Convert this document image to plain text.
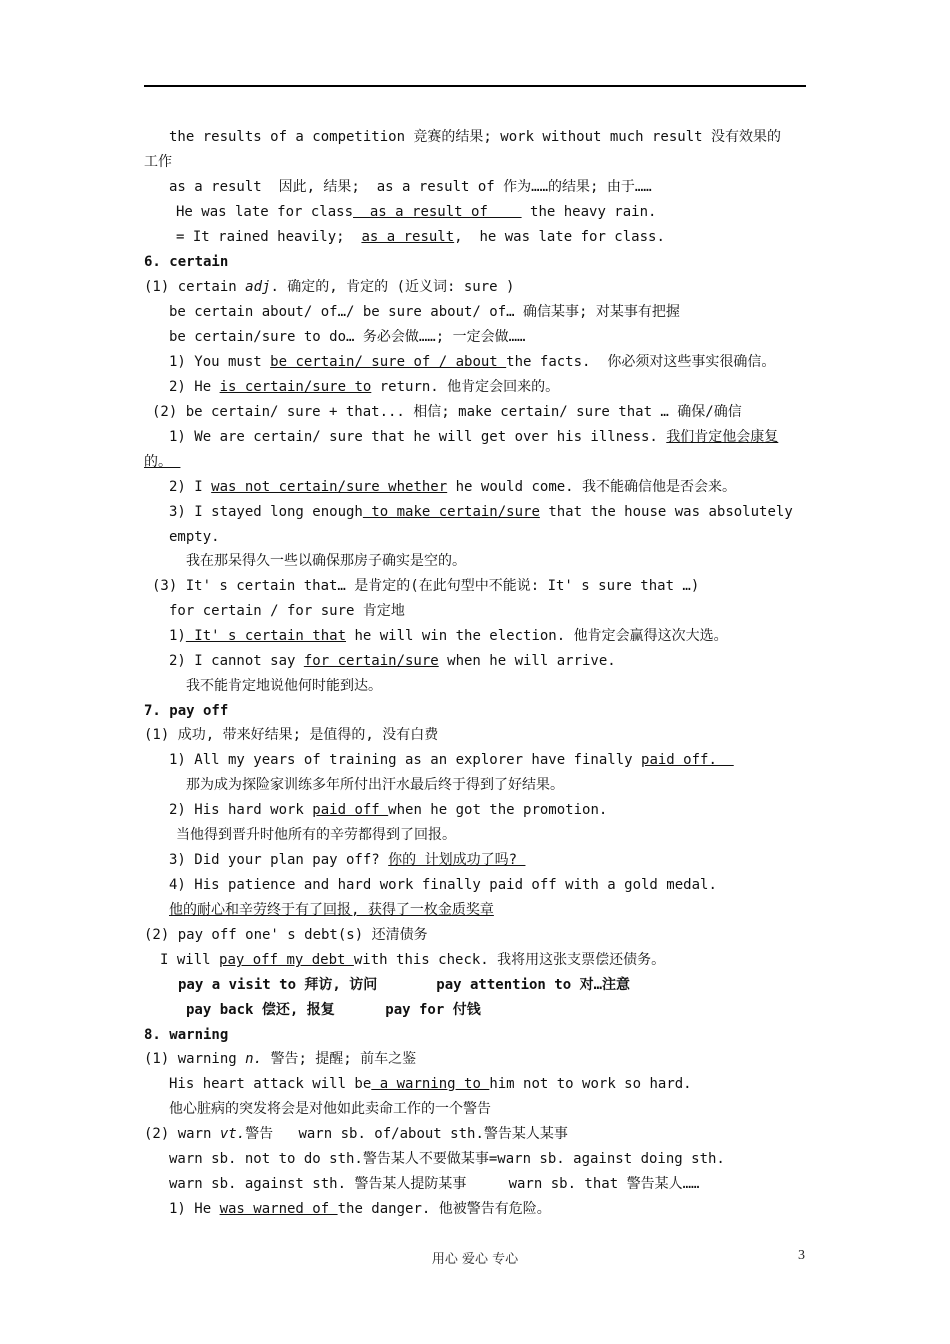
the results of a competition 竞赛的结果; work without much result 没有效果的
工作
as a result  因此, 结果;  as a result of 作为……的结果; 由于……
He was late for class  as a result of     the heavy rain.
= It rained heavily;  as a result,  he was late for class.
6. certain
(1) certain adj. 确定的, 肯定的 (近义词: sure )
be certain about/ of…/ be sure about/ of… 确信某事; 对某事有把握
be certain/sure to do… 务必会做……; 一定会做……
1) You must be certain/ sure of / about the facts.  你必须对这些事实很确信。
2) He is certain/sure to return. 他肯定会回来的。
(2) be certain/ sure + that... 相信; make certain/ sure that … 确保/确信
1) We are certain/ sure that he will get over his illness. 我们肯定他会康复
的。
2) I was not certain/sure whether he would come. 我不能确信他是否会来。
3) I stayed long enough to make certain/sure that the house was absolutely
empty.
我在那呆得久一些以确保那房子确实是空的。
(3) It' s certain that… 是肯定的(在此句型中不能说: It' s sure that …)
for certain / for sure 肯定地
1) It' s certain that he will win the election. 他肯定会赢得这次大选。
2) I cannot say for certain/sure when he will arrive.
我不能肯定地说他何时能到达。
7. pay off
(1) 成功, 带来好结果; 是值得的, 没有白费
1) All my years of training as an explorer have finally paid off.
那为成为探险家训练多年所付出汗水最后终于得到了好结果。
2) His hard work paid off when he got the promotion.
当他得到晋升时他所有的辛劳都得到了回报。
3) Did your plan pay off? 你的 计划成功了吗?
4) His patience and hard work finally paid off with a gold medal.
他的耐心和辛劳终于有了回报, 获得了一枚金质奖章
(2) pay off one' s debt(s) 还清债务
I will pay off my debt with this check. 我将用这张支票偿还债务。
pay a visit to 拜访, 访问       pay attention to 对…注意
pay back 偿还, 报复      pay for 付钱
8. warning
(1) warning n. 警告; 提醒; 前车之鉴
His heart attack will be a warning to him not to work so hard.
他心脏病的突发将会是对他如此卖命工作的一个警告
(2) warn vt.警告   warn sb. of/about sth.警告某人某事
warn sb. not to do sth.警告某人不要做某事=warn sb. against doing sth.
warn sb. against sth. 警告某人提防某事     warn sb. that 警告某人……
1) He was warned of the danger. 他被警告有危险。
用心 爱心 专心	3
